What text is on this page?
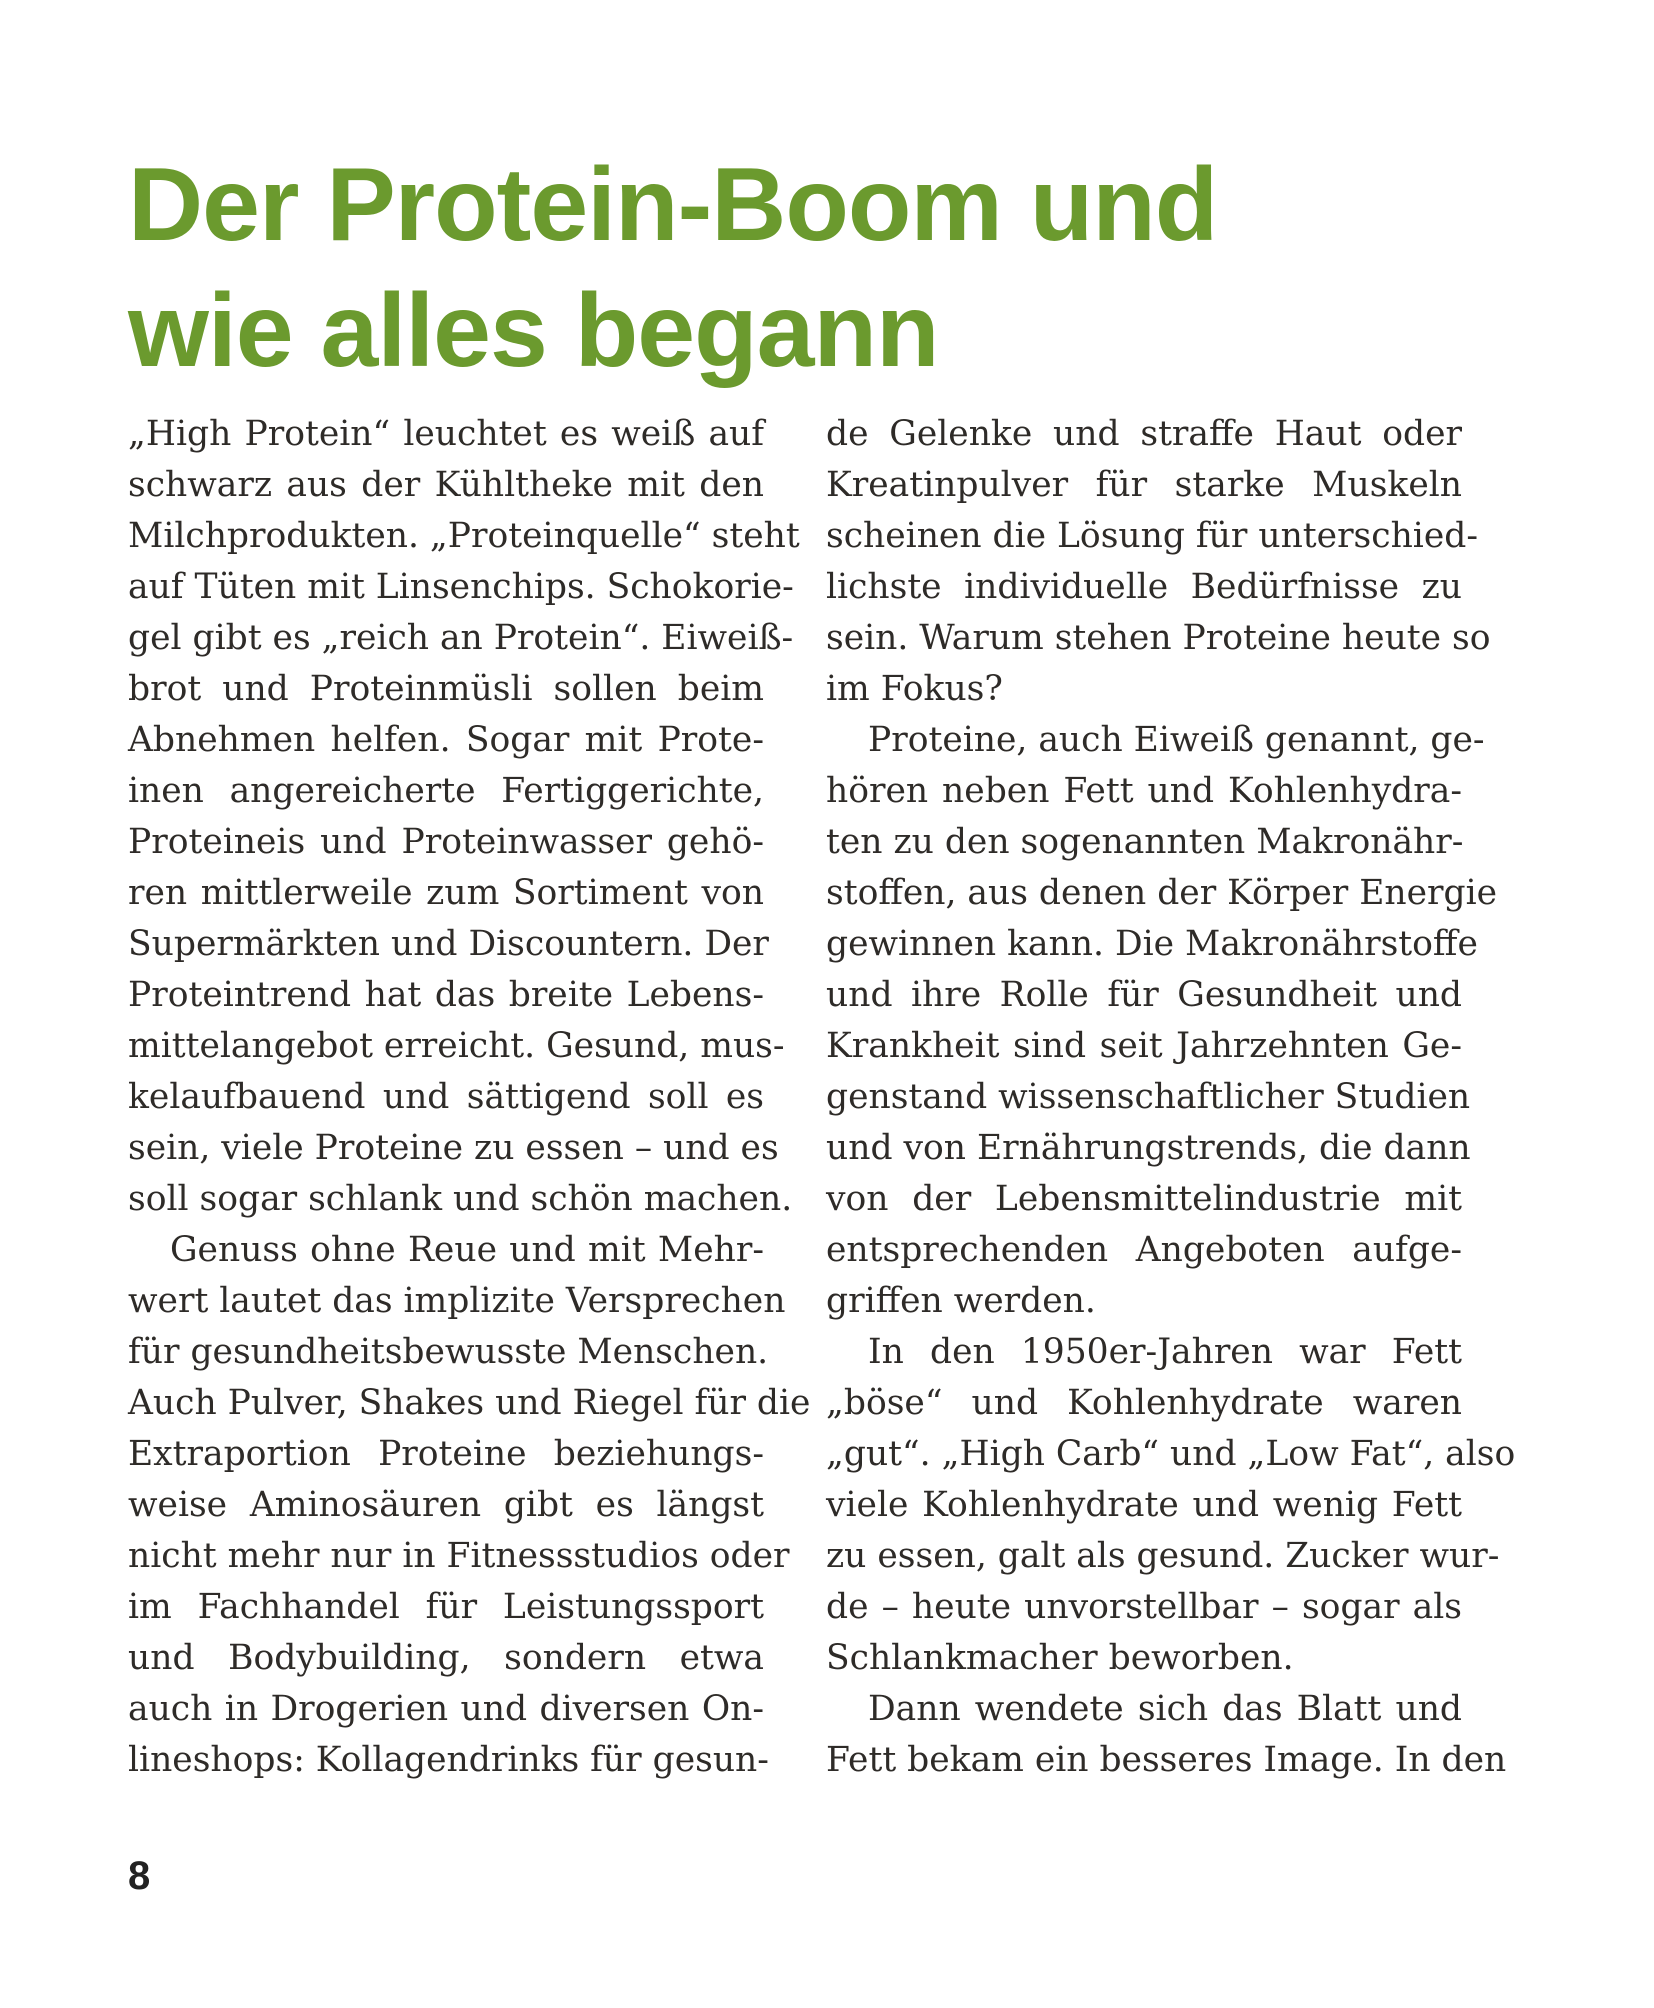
Der Protein-Boom und
wie alles begann
„High Protein“ leuchtet es weiß auf
schwarz aus der Kühltheke mit den
Milchprodukten. „Proteinquelle“ steht
auf Tüten mit Linsenchips. Schokorie-
gel gibt es „reich an Protein“. Eiweiß-
brot und Proteinmüsli sollen beim
Abnehmen helfen. Sogar mit Prote-
inen angereicherte Fertiggerichte,
Proteineis und Proteinwasser gehö-
ren mittlerweile zum Sortiment von
Supermärkten und Discountern. Der
Proteintrend hat das breite Lebens-
mittelangebot erreicht. Gesund, mus-
kelaufbauend und sättigend soll es
sein, viele Proteine zu essen – und es
soll sogar schlank und schön machen.
Genuss ohne Reue und mit Mehr-
wert lautet das implizite Versprechen
für gesundheitsbewusste Menschen.
Auch Pulver, Shakes und Riegel für die
Extraportion Proteine beziehungs-
weise Aminosäuren gibt es längst
nicht mehr nur in Fitnessstudios oder
im Fachhandel für Leistungssport
und Bodybuilding, sondern etwa
auch in Drogerien und diversen On-
lineshops: Kollagendrinks für gesun-
de Gelenke und straffe Haut oder
Kreatinpulver für starke Muskeln
scheinen die Lösung für unterschied-
lichste individuelle Bedürfnisse zu
sein. Warum stehen Proteine heute so
im Fokus?
Proteine, auch Eiweiß genannt, ge-
hören neben Fett und Kohlenhydra-
ten zu den sogenannten Makronähr-
stoffen, aus denen der Körper Energie
gewinnen kann. Die Makronährstoffe
und ihre Rolle für Gesundheit und
Krankheit sind seit Jahrzehnten Ge-
genstand wissenschaftlicher Studien
und von Ernährungstrends, die dann
von der Lebensmittelindustrie mit
entsprechenden Angeboten aufge-
griffen werden.
In den 1950er-Jahren war Fett
„böse“ und Kohlenhydrate waren
„gut“. „High Carb“ und „Low Fat“, also
viele Kohlenhydrate und wenig Fett
zu essen, galt als gesund. Zucker wur-
de – heute unvorstellbar – sogar als
Schlankmacher beworben.
Dann wendete sich das Blatt und
Fett bekam ein besseres Image. In den
8
